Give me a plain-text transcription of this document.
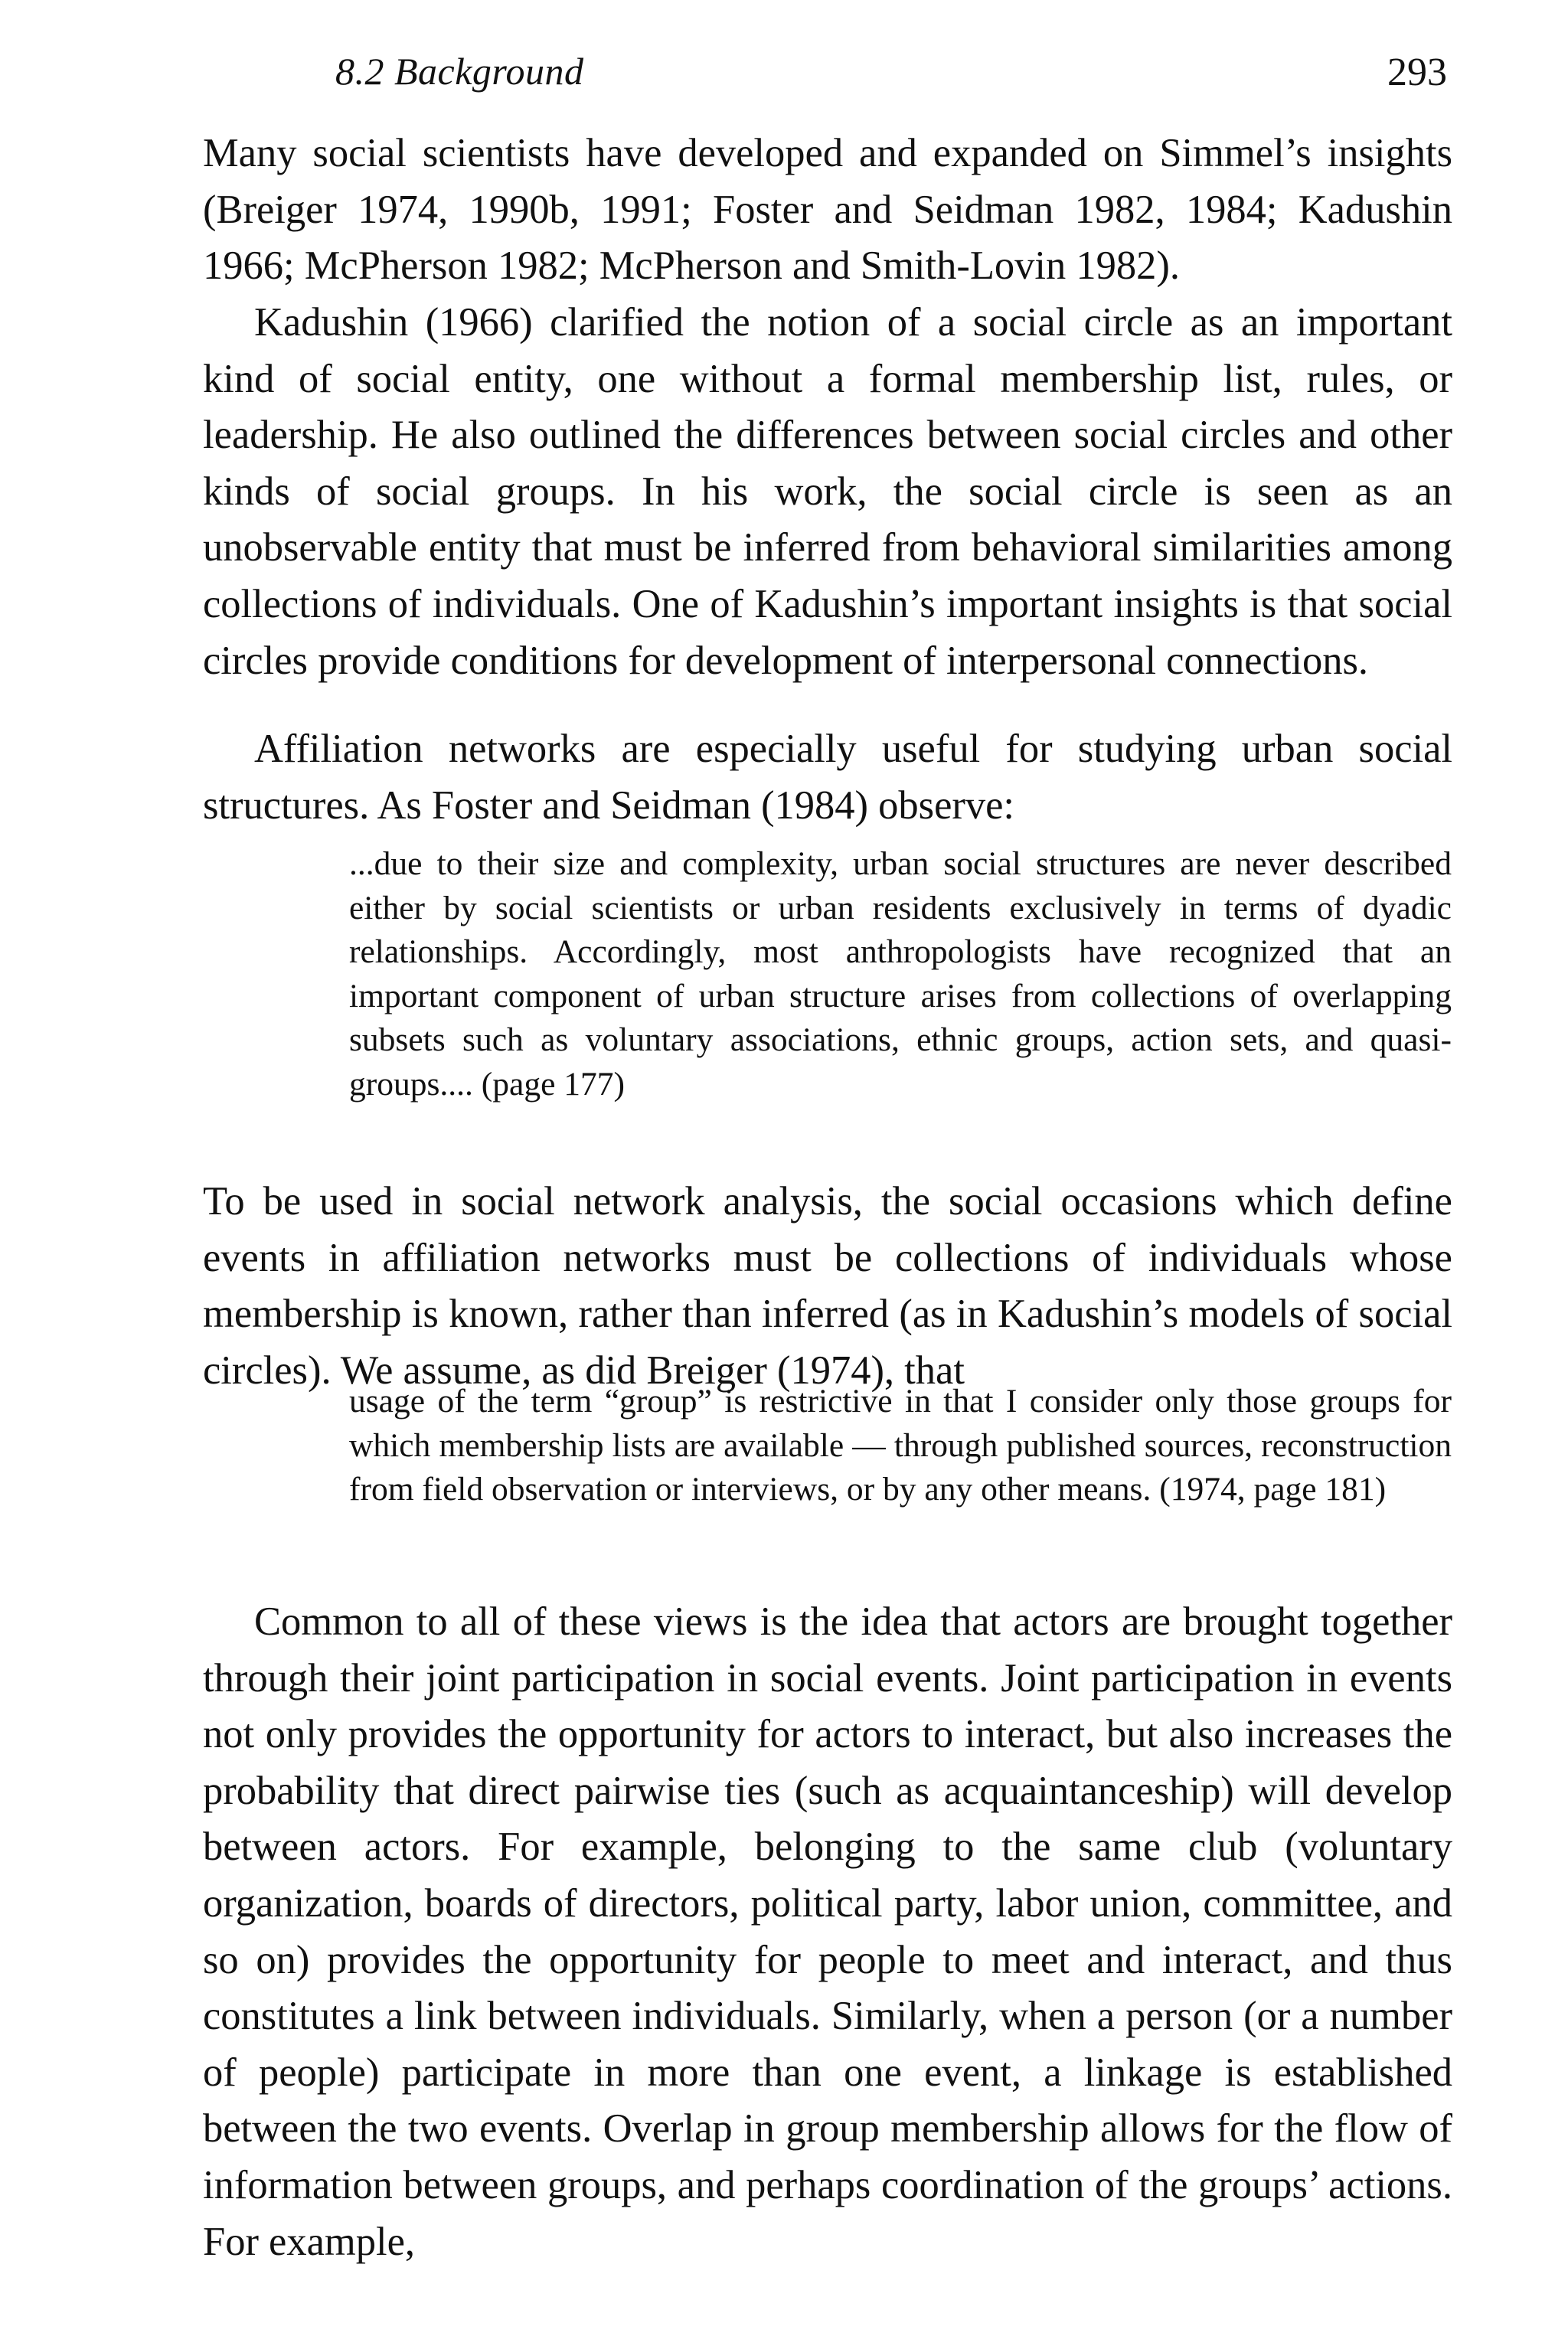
8.2 Background	293

Many social scientists have developed and expanded on Simmel’s insights (Breiger 1974, 1990b, 1991; Foster and Seidman 1982, 1984; Kadushin 1966; McPherson 1982; McPherson and Smith-Lovin 1982).

Kadushin (1966) clarified the notion of a social circle as an important kind of social entity, one without a formal membership list, rules, or leadership. He also outlined the differences between social circles and other kinds of social groups. In his work, the social circle is seen as an unobservable entity that must be inferred from behavioral similarities among collections of individuals. One of Kadushin’s important insights is that social circles provide conditions for development of interpersonal connections.

Affiliation networks are especially useful for studying urban social structures. As Foster and Seidman (1984) observe:

...due to their size and complexity, urban social structures are never described either by social scientists or urban residents exclusively in terms of dyadic relationships. Accordingly, most anthropologists have recognized that an important component of urban structure arises from collections of overlapping subsets such as voluntary associations, ethnic groups, action sets, and quasi-groups.... (page 177)

To be used in social network analysis, the social occasions which define events in affiliation networks must be collections of individuals whose membership is known, rather than inferred (as in Kadushin’s models of social circles). We assume, as did Breiger (1974), that

usage of the term “group” is restrictive in that I consider only those groups for which membership lists are available — through published sources, reconstruction from field observation or interviews, or by any other means. (1974, page 181)

Common to all of these views is the idea that actors are brought together through their joint participation in social events. Joint participation in events not only provides the opportunity for actors to interact, but also increases the probability that direct pairwise ties (such as acquaintanceship) will develop between actors. For example, belonging to the same club (voluntary organization, boards of directors, political party, labor union, committee, and so on) provides the opportunity for people to meet and interact, and thus constitutes a link between individuals. Similarly, when a person (or a number of people) participate in more than one event, a linkage is established between the two events. Overlap in group membership allows for the flow of information between groups, and perhaps coordination of the groups’ actions. For example,
